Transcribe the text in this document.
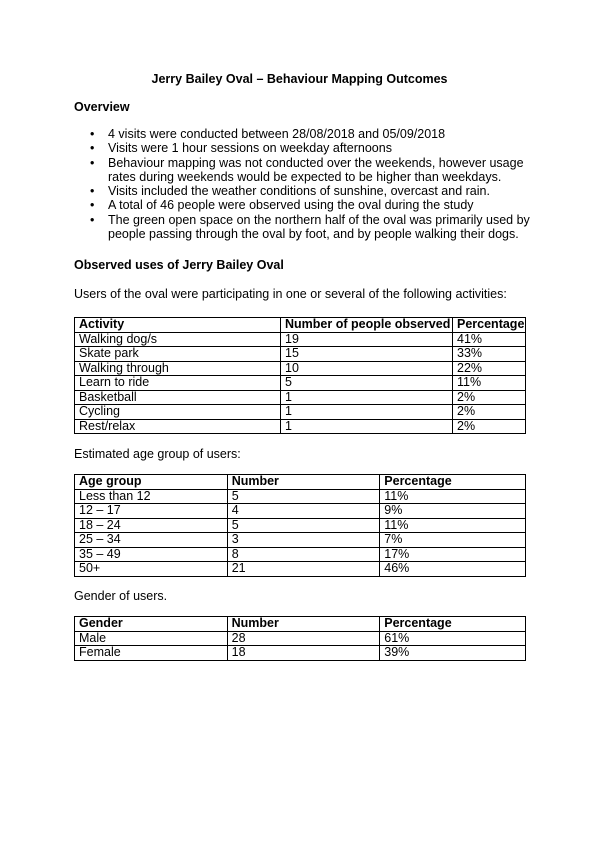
Jerry Bailey Oval – Behaviour Mapping Outcomes
Overview
• 4 visits were conducted between 28/08/2018 and 05/09/2018
• Visits were 1 hour sessions on weekday afternoons
• Behaviour mapping was not conducted over the weekends, however usage rates during weekends would be expected to be higher than weekdays.
• Visits included the weather conditions of sunshine, overcast and rain.
• A total of 46 people were observed using the oval during the study
• The green open space on the northern half of the oval was primarily used by people passing through the oval by foot, and by people walking their dogs.
Observed uses of Jerry Bailey Oval
Users of the oval were participating in one or several of the following activities:
Activity	Number of people observed	Percentage
Walking dog/s	19	41%
Skate park	15	33%
Walking through	10	22%
Learn to ride	5	11%
Basketball	1	2%
Cycling	1	2%
Rest/relax	1	2%
Estimated age group of users:
Age group	Number	Percentage
Less than 12	5	11%
12 – 17	4	9%
18 – 24	5	11%
25 – 34	3	7%
35 – 49	8	17%
50+	21	46%
Gender of users.
Gender	Number	Percentage
Male	28	61%
Female	18	39%
